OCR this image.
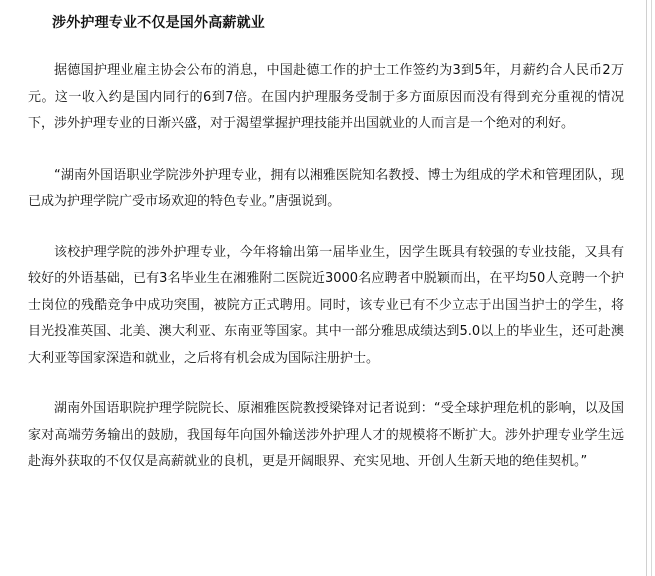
涉外护理专业不仅是国外高薪就业

据德国护理业雇主协会公布的消息，中国赴德工作的护士工作签约为3到5年，月薪约合人民币2万元。这一收入约是国内同行的6到7倍。在国内护理服务受制于多方面原因而没有得到充分重视的情况下，涉外护理专业的日渐兴盛，对于渴望掌握护理技能并出国就业的人而言是一个绝对的利好。

“湖南外国语职业学院涉外护理专业，拥有以湘雅医院知名教授、博士为组成的学术和管理团队，现已成为护理学院广受市场欢迎的特色专业。”唐强说到。

该校护理学院的涉外护理专业，今年将输出第一届毕业生，因学生既具有较强的专业技能，又具有较好的外语基础，已有3名毕业生在湘雅附二医院近3000名应聘者中脱颖而出，在平均50人竞聘一个护士岗位的残酷竞争中成功突围，被院方正式聘用。同时，该专业已有不少立志于出国当护士的学生，将目光投准英国、北美、澳大利亚、东南亚等国家。其中一部分雅思成绩达到5.0以上的毕业生，还可赴澳大利亚等国家深造和就业，之后将有机会成为国际注册护士。

湖南外国语职院护理学院院长、原湘雅医院教授梁锋对记者说到：“受全球护理危机的影响，以及国家对高端劳务输出的鼓励，我国每年向国外输送涉外护理人才的规模将不断扩大。涉外护理专业学生远赴海外获取的不仅仅是高薪就业的良机，更是开阔眼界、充实见地、开创人生新天地的绝佳契机。”
